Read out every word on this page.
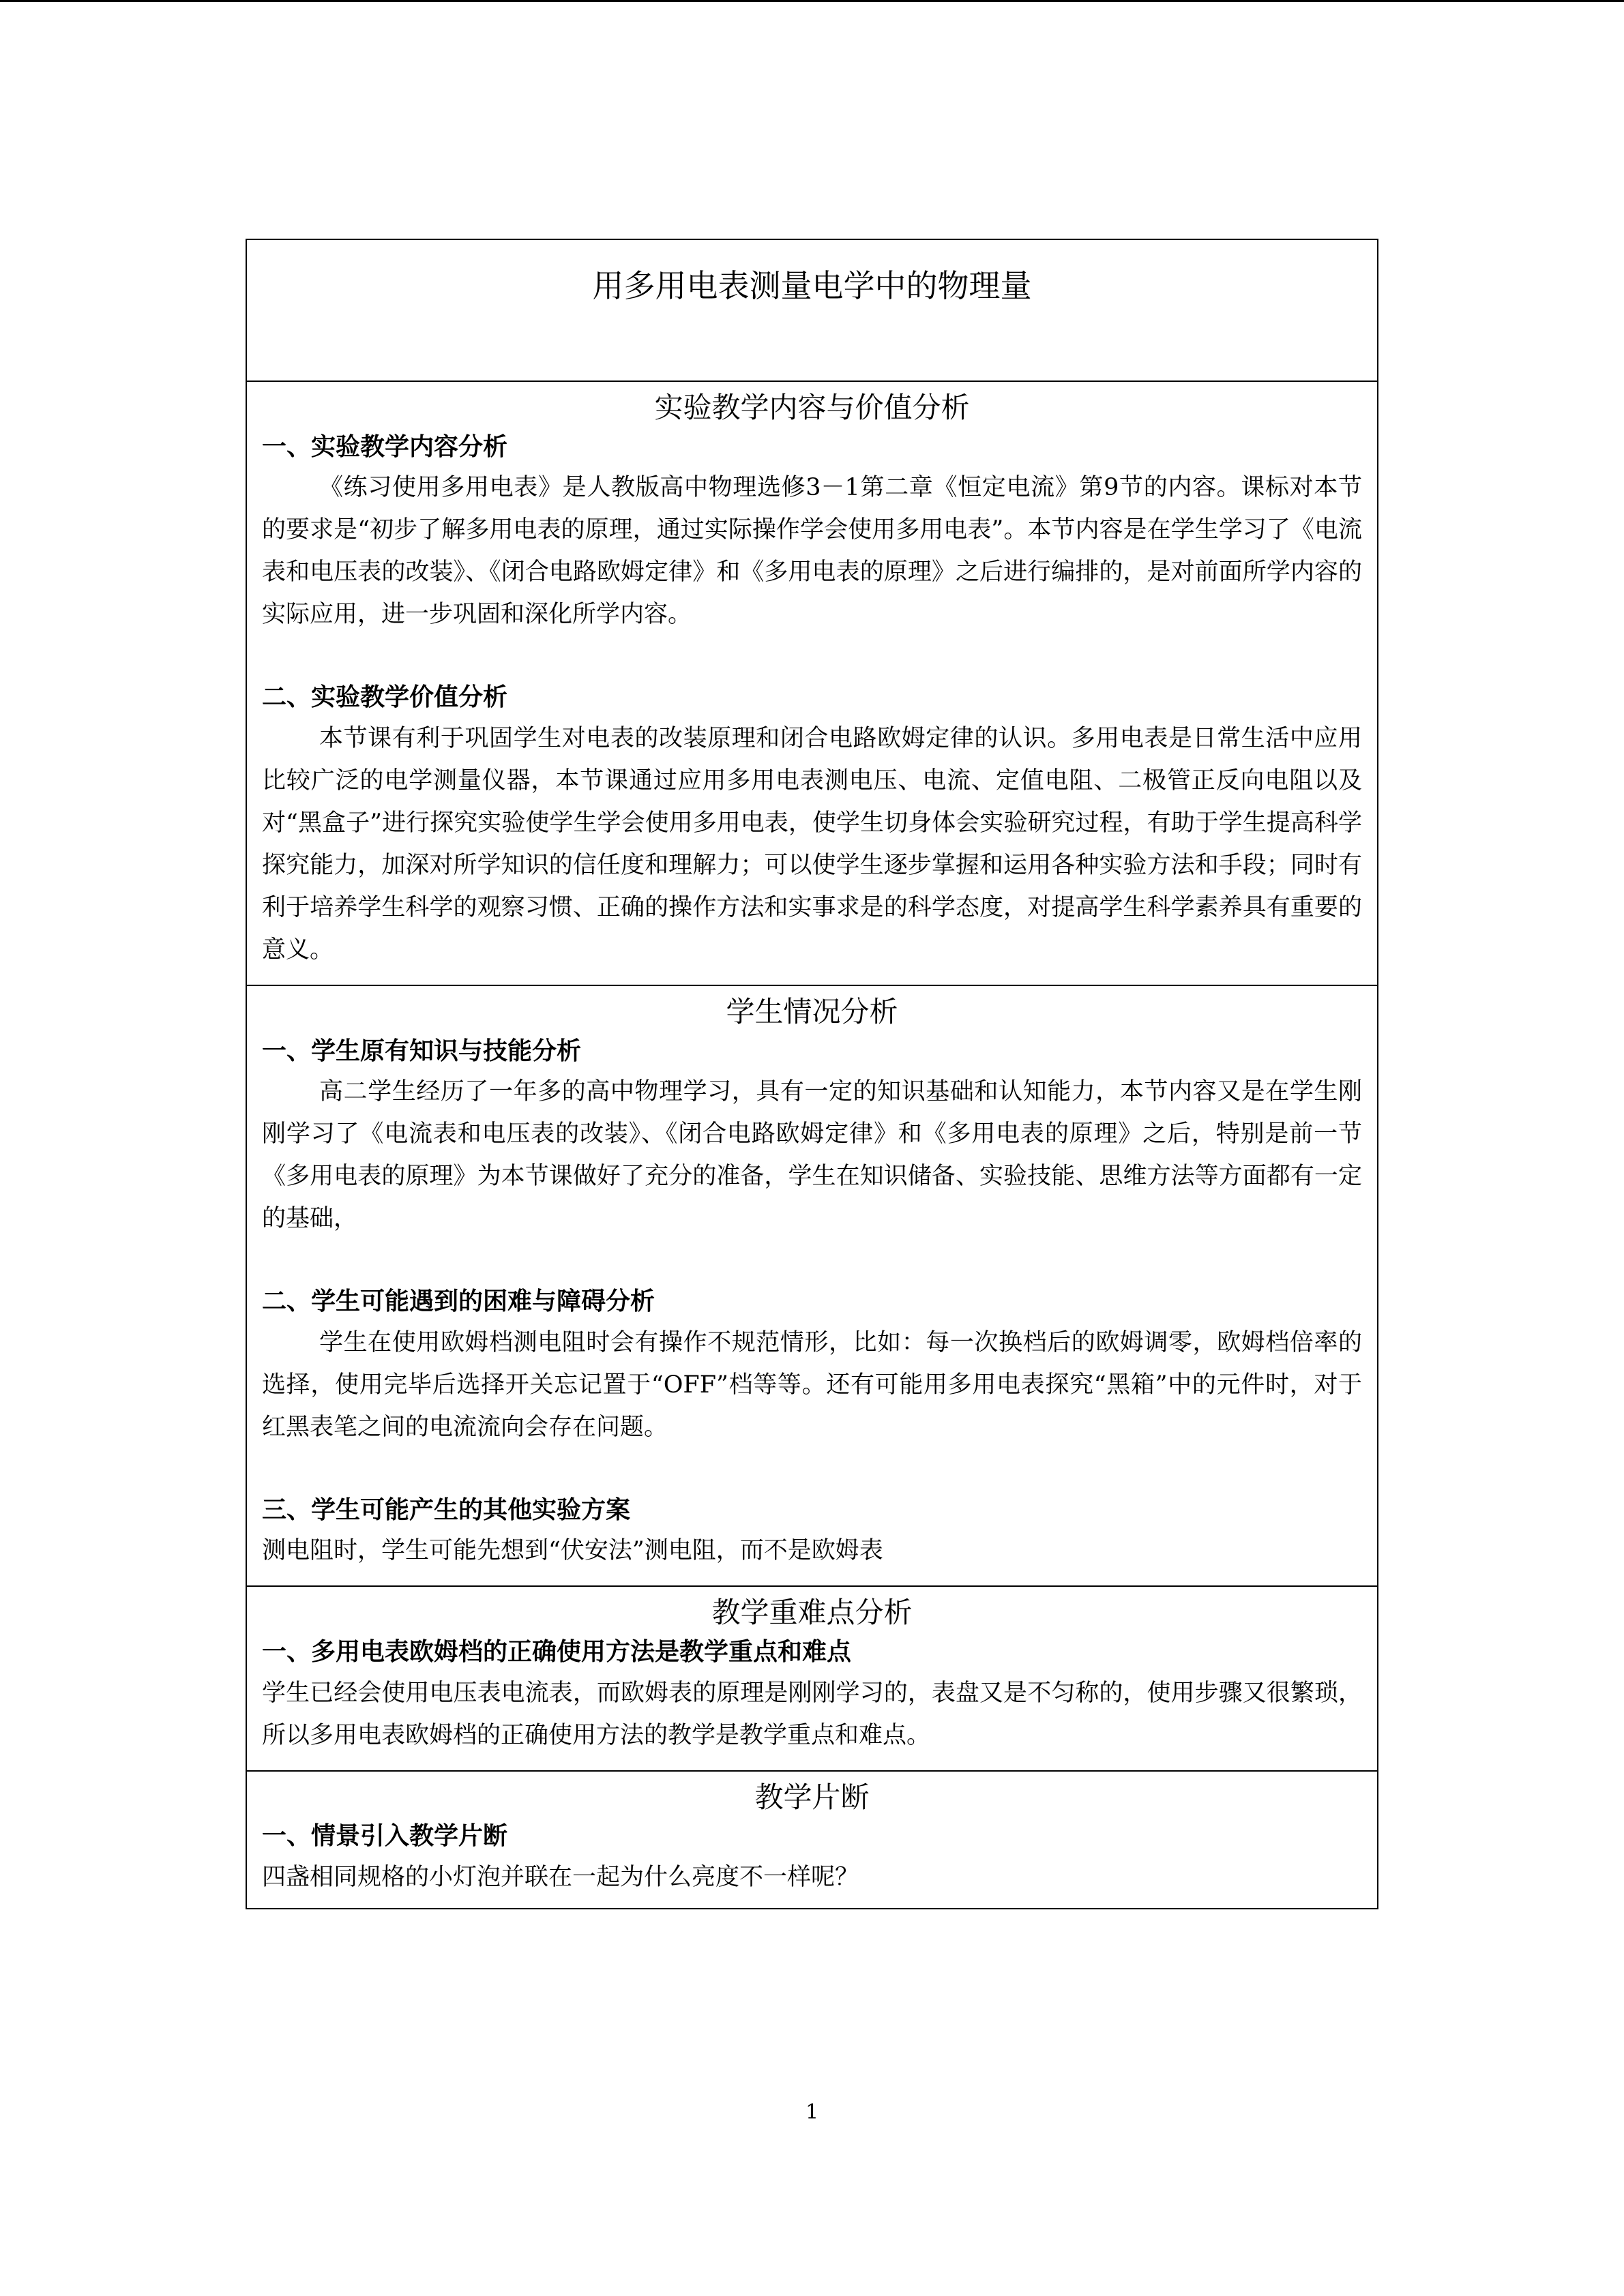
用多用电表测量电学中的物理量

实验教学内容与价值分析
一、实验教学内容分析

《练习使用多用电表》是人教版高中物理选修3－1第二章《恒定电流》第9节的内容。课标对本节的要求是“初步了解多用电表的原理，通过实际操作学会使用多用电表”。本节内容是在学生学习了《电流表和电压表的改装》、《闭合电路欧姆定律》和《多用电表的原理》之后进行编排的，是对前面所学内容的实际应用，进一步巩固和深化所学内容。

二、实验教学价值分析

本节课有利于巩固学生对电表的改装原理和闭合电路欧姆定律的认识。多用电表是日常生活中应用比较广泛的电学测量仪器，本节课通过应用多用电表测电压、电流、定值电阻、二极管正反向电阻以及对“黑盒子”进行探究实验使学生学会使用多用电表，使学生切身体会实验研究过程，有助于学生提高科学探究能力，加深对所学知识的信任度和理解力；可以使学生逐步掌握和运用各种实验方法和手段；同时有利于培养学生科学的观察习惯、正确的操作方法和实事求是的科学态度，对提高学生科学素养具有重要的意义。

学生情况分析
一、学生原有知识与技能分析

高二学生经历了一年多的高中物理学习，具有一定的知识基础和认知能力，本节内容又是在学生刚刚学习了《电流表和电压表的改装》、《闭合电路欧姆定律》和《多用电表的原理》之后，特别是前一节《多用电表的原理》为本节课做好了充分的准备，学生在知识储备、实验技能、思维方法等方面都有一定的基础，

二、学生可能遇到的困难与障碍分析

学生在使用欧姆档测电阻时会有操作不规范情形，比如：每一次换档后的欧姆调零，欧姆档倍率的选择，使用完毕后选择开关忘记置于“OFF”档等等。还有可能用多用电表探究“黑箱”中的元件时，对于红黑表笔之间的电流流向会存在问题。

三、学生可能产生的其他实验方案

测电阻时，学生可能先想到“伏安法”测电阻，而不是欧姆表

教学重难点分析
一、多用电表欧姆档的正确使用方法是教学重点和难点

学生已经会使用电压表电流表，而欧姆表的原理是刚刚学习的，表盘又是不匀称的，使用步骤又很繁琐，所以多用电表欧姆档的正确使用方法的教学是教学重点和难点。

教学片断
一、情景引入教学片断

四盏相同规格的小灯泡并联在一起为什么亮度不一样呢？

1
